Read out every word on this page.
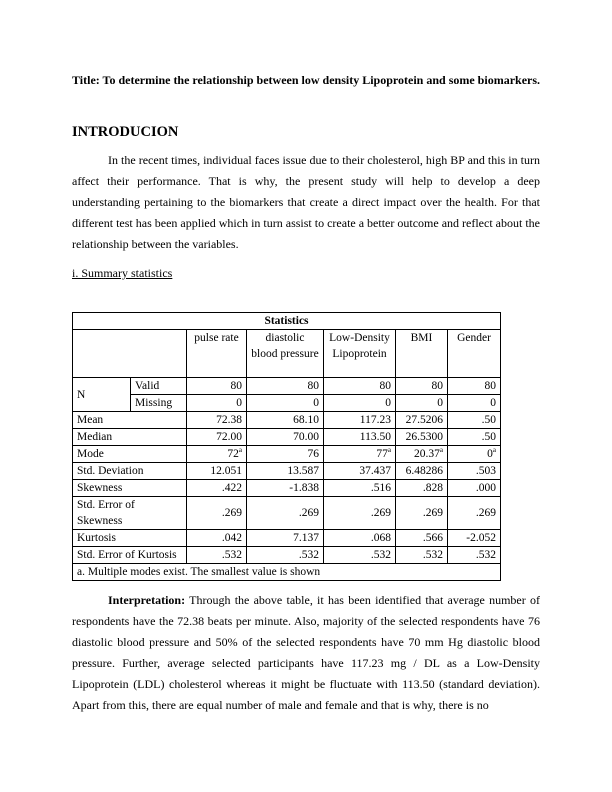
Title: To determine the relationship between low density Lipoprotein and some biomarkers.
INTRODUCION
In the recent times, individual faces issue due to their cholesterol, high BP and this in turn affect their performance. That is why, the present study will help to develop a deep understanding pertaining to the biomarkers that create a direct impact over the health. For that different test has been applied which in turn assist to create a better outcome and reflect about the relationship between the variables.
i. Summary statistics
Statistics						
		pulse rate	diastolic blood pressure	Low-Density Lipoprotein	BMI	Gender
N	Valid	80	80	80	80	80
	Missing	0	0	0	0	0
Mean		72.38	68.10	117.23	27.5206	.50
Median		72.00	70.00	113.50	26.5300	.50
Mode		72$^a$	76	77$^a$	20.37$^a$	0$^a$
Std. Deviation		12.051	13.587	37.437	6.48286	.503
Skewness		.422	-1.838	.516	.828	.000
Std. Error of Skewness		.269	.269	.269	.269	.269
Kurtosis		.042	7.137	.068	.566	-2.052
Std. Error of Kurtosis		.532	.532	.532	.532	.532
a. Multiple modes exist. The smallest value is shown						
Interpretation: Through the above table, it has been identified that average number of respondents have the 72.38 beats per minute. Also, majority of the selected respondents have 76 diastolic blood pressure and 50% of the selected respondents have 70 mm Hg diastolic blood pressure. Further, average selected participants have 117.23 mg / DL as a Low-Density Lipoprotein (LDL) cholesterol whereas it might be fluctuate with 113.50 (standard deviation). Apart from this, there are equal number of male and female and that is why, there is no
